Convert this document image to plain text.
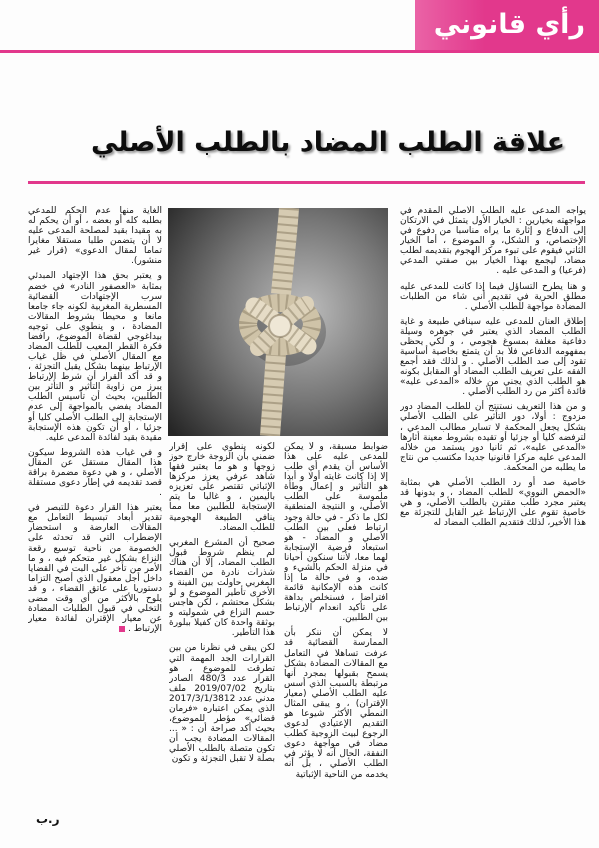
رأي قانوني
علاقة الطلب المضاد بالطلب الأصلي

يواجه المدعى عليه الطلب الأصلي المقدم في مواجهته بخيارين : الخيار الأول يتمثل في الارتكان إلى الدفاع و إثارة ما يراه مناسبا من دفوع في الإختصاص، و الشكل، و الموضوع ، أما الخيار الثاني فيقوم على تبوء مركز الهجوم بتقديمه لطلب مضاد، ليجمع بهذا الخيار بين صفتي المدعي (فرعيا) و المدعى عليه .

و هنا يطرح التساؤل فيما إذا كانت للمدعى عليه مطلق الحرية في تقديم أنى شاء من الطلبات المضادة مواجهة للطلب الأصلي .

إطلاق العنان للمدعى عليه سينافي طبيعة و غاية الطلب المضاد الذي يعتبر في جوهره وسيلة دفاعية مغلفة بمسوغ هجومي ، و لكي يحظى بمفهومه الدفاعي فلا بد أن يتمتع بخاصية أساسية تقود إلى صد الطلب الأصلي . و لذلك فقد أجمع الفقه على تعريف الطلب المضاد أو المقابل بكونه هو الطلب الذي يجني من خلاله «المدعى عليه» فائدة أكثر من رد الطلب الأصلي .

و من هذا التعريف نستنتج أن للطلب المضاد دور مزدوج : أولا، دور التأثير على الطلب الأصلي بشكل يجعل المحكمة لا تساير مطالب المدعي ، لترفضه كليا أو جزئيا أو تقيده بشروط معينة أثارها «المدعى عليه»، ثم ثانيا دور يستمد من خلاله المدعى عليه مركزا قانونيا جديدا مكتسب من نتاج ما يطلبه من المحكمة.

خاصية صد أو رد الطلب الأصلي هي بمثابة «الحمض النووي» للطلب المضاد ، و بدونها قد يعتبر مجرد طلب مقترن بالطلب الأصلي، و هي خاصية تقوم على الإرتباط غير القابل للتجزئة مع هذا الأخير، لذلك فتقديم الطلب المضاد له

ضوابط مسبقة، و لا يمكن للمدعى عليه على هذا الأساس أن يقدم أي طلب إلا إذا كانت غايته أولا و أبدا هو التأثير و إعمال وطأة ملموسة على الطلب الأصلي، و النتيجة المنطقية لكل ما ذكر - في حالة وجود ارتباط فعلي بين الطلب الأصلي و المضاد - هو استبعاد فرضية الإستجابة لهما معا، لأننا سنكون أحيانا في منزلة الحكم بالشيء و ضده، و في حالة ما إذا كانت هذه الإمكانية قائمة افتراضا ، فسنخلص بداهة على تأكيد انعدام الإرتباط بين الطلبين.

لا يمكن أن ننكر بأن الممارسة القضائية قد عرفت تساهلا في التعامل مع المقالات المضادة بشكل يسمح بقبولها بمجرد أنها مرتبطة بالسبب الذي أسس عليه الطلب الأصلي (معيار الإقتران) ، و يبقى المثال النمطي الأكثر شيوعا هو التقديم الإعتيادي لدعوى الرجوع لبيت الزوجية كطلب مضاد في مواجهة دعوى النفقة، الحال أنه لا يؤثر في الطلب الأصلي ، بل أنه يخدمه من الناحية الإثباتية

لكونه ينطوي على إقرار ضمني بأن الزوجة خارج حوز زوجها و هو ما يعتبر فقها شاهد عرفي يعزز مركزها الإثباتي تقتصر على تعزيزه باليمين ، و غالبا ما يتم الإستجابة للطلبين معا مما ينافي الطبيعة الهجومية للطلب المضاد.

صحيح أن المشرع المغربي لم ينظم شروط قبول الطلب المضاد، إلا أن هناك شذرات نادرة من القضاء المغربي حاولت بين الفينة و الأخرى تأطير الموضوع و لو بشكل محتشم ، لكن هاجس حسم النزاع في شموليته و بوثقة واحدة كان كفيلا ببلورة هذا التأطير.

لكن يبقى في نظرنا من بين القرارات الجد المهمة التي تطرقت للموضوع ، هو القرار عدد 480/3 الصادر بتاريخ 2019/07/02 ملف مدني عدد 2017/3/1/3812 الذي يمكن اعتباره «فرمان قضائي» مؤطر للموضوع، بحيث أكد صراحة أن : « ... المقالات المضادة يجب أن تكون متصلة بالطلب الأصلي بصلة لا تقبل التجزئة و تكون

الغاية منها عدم الحكم للمدعي بطلبه كله أو بعضه ، أو أن يحكم له به مقيدا بقيد لمصلحة المدعى عليه لا أن يتضمن طلبا مستقلا مغايرا تماما لمقال الدعوى» (قرار غير منشور).

و يعتبر بحق هذا الإجتهاد المبدئي بمثابة «العصفور النادر» في خضم سرب الإجتهادات القضائية المسطرية المغربية لكونه جاء جامعا مانعا و محيطا بشروط المقالات المضادة ، و ينطوي على توجيه بيداغوجي لقضاة الموضوع، رافضا فكرة القطر المعيب للطلب المضاد مع المقال الأصلي في ظل غياب الإرتباط بينهما بشكل يقبل التجزئة ، و قد أكد القرار أن شرط الإرتباط يبرز من زاوية التأثير و التأثر بين الطلبين، بحيث أن تأسيس الطلب المضاد يفضي بالمواجهة إلى عدم الإستجابة إلى الطلب الأصلي كليا أو جزئيا ، أو أن تكون هذه الإستجابة مقيدة بقيد لفائدة المدعى عليه.

و في غياب هذه الشروط سيكون هذا المقال مستقل عن المقال الأصلي ، و هي دعوة مضمرة براقة قصد تقديمه في إطار دعوى مستقلة .

يعتبر هذا القرار دعوة للتبصر في تقدير أبعاد تبسيط التعامل مع المقالات العارضة و استحضار الإضطراب التي قد تحدثه على الخصومة من ناحية توسيع رقعة النزاع بشكل غير متحكم فيه ، و ما الأمر من تأخر على البت في القضايا داخل أجل معقول الذي أصبح التزاما دستوريا على عاتق القضاء ، و قد يلوح بالأكثر من أي وقت مضى التخلي في قبول الطلبات المضادة عن معيار الإقتران لفائدة معيار الإرتباط .

ر.ب
